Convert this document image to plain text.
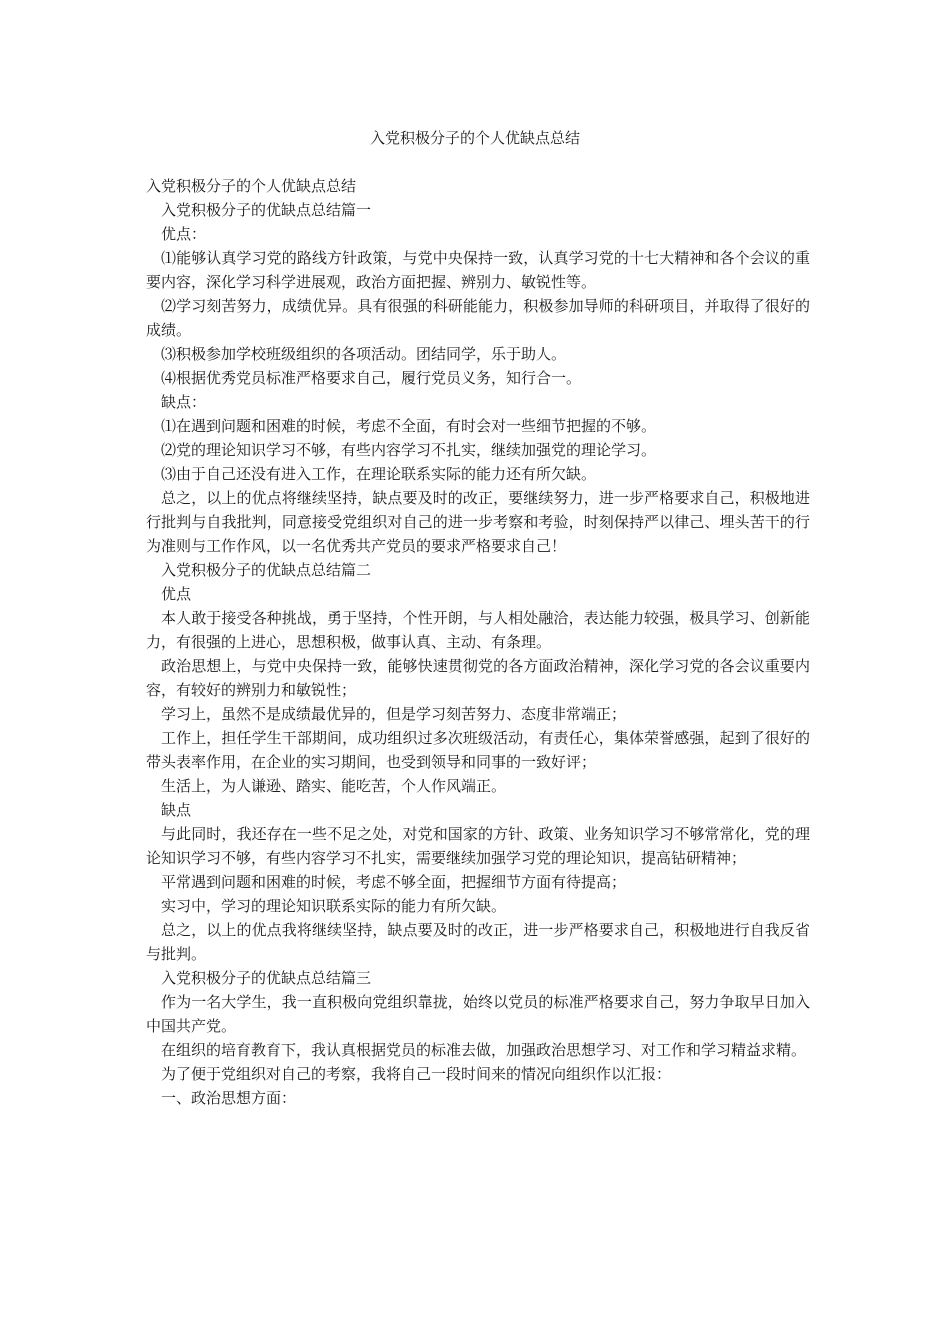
入党积极分子的个人优缺点总结

入党积极分子的个人优缺点总结

入党积极分子的优缺点总结篇一

优点：

⑴能够认真学习党的路线方针政策，与党中央保持一致，认真学习党的十七大精神和各个会议的重要内容，深化学习科学进展观，政治方面把握、辨别力、敏锐性等。

⑵学习刻苦努力，成绩优异。具有很强的科研能能力，积极参加导师的科研项目，并取得了很好的成绩。

⑶积极参加学校班级组织的各项活动。团结同学，乐于助人。

⑷根据优秀党员标准严格要求自己，履行党员义务，知行合一。

缺点：

⑴在遇到问题和困难的时候，考虑不全面，有时会对一些细节把握的不够。

⑵党的理论知识学习不够，有些内容学习不扎实，继续加强党的理论学习。

⑶由于自己还没有进入工作，在理论联系实际的能力还有所欠缺。

总之，以上的优点将继续坚持，缺点要及时的改正，要继续努力，进一步严格要求自己，积极地进行批判与自我批判，同意接受党组织对自己的进一步考察和考验，时刻保持严以律己、埋头苦干的行为准则与工作作风，以一名优秀共产党员的要求严格要求自己！

入党积极分子的优缺点总结篇二

优点

本人敢于接受各种挑战，勇于坚持，个性开朗，与人相处融洽，表达能力较强，极具学习、创新能力，有很强的上进心，思想积极，做事认真、主动、有条理。

政治思想上，与党中央保持一致，能够快速贯彻党的各方面政治精神，深化学习党的各会议重要内容，有较好的辨别力和敏锐性；

学习上，虽然不是成绩最优异的，但是学习刻苦努力、态度非常端正；

工作上，担任学生干部期间，成功组织过多次班级活动，有责任心，集体荣誉感强，起到了很好的带头表率作用，在企业的实习期间，也受到领导和同事的一致好评；

生活上，为人谦逊、踏实、能吃苦，个人作风端正。

缺点

与此同时，我还存在一些不足之处，对党和国家的方针、政策、业务知识学习不够常常化，党的理论知识学习不够，有些内容学习不扎实，需要继续加强学习党的理论知识，提高钻研精神；

平常遇到问题和困难的时候，考虑不够全面，把握细节方面有待提高；

实习中，学习的理论知识联系实际的能力有所欠缺。

总之，以上的优点我将继续坚持，缺点要及时的改正，进一步严格要求自己，积极地进行自我反省与批判。

入党积极分子的优缺点总结篇三

作为一名大学生，我一直积极向党组织靠拢，始终以党员的标准严格要求自己，努力争取早日加入中国共产党。

在组织的培育教育下，我认真根据党员的标准去做，加强政治思想学习、对工作和学习精益求精。

为了便于党组织对自己的考察，我将自己一段时间来的情况向组织作以汇报：

一、政治思想方面：
